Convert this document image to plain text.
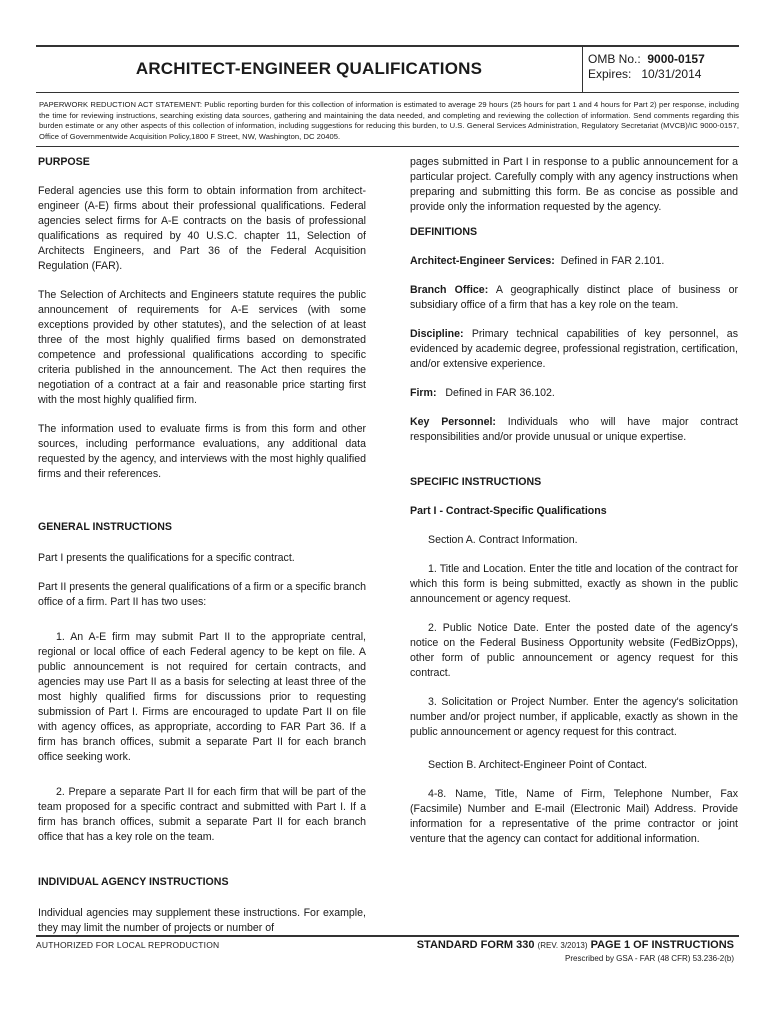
ARCHITECT-ENGINEER QUALIFICATIONS	OMB No.: 9000-0157
Expires: 10/31/2014
PAPERWORK REDUCTION ACT STATEMENT: Public reporting burden for this collection of information is estimated to average 29 hours (25 hours for part 1 and 4 hours for Part 2) per response, including the time for reviewing instructions, searching existing data sources, gathering and maintaining the data needed, and completing and reviewing the collection of information. Send comments regarding this burden estimate or any other aspects of this collection of information, including suggestions for reducing this burden, to U.S. General Services Administration, Regulatory Secretariat (MVCB)/IC 9000-0157, Office of Governmentwide Acquisition Policy,1800 F Street, NW, Washington, DC 20405.

PURPOSE

Federal agencies use this form to obtain information from architect-engineer (A-E) firms about their professional qualifications. Federal agencies select firms for A-E contracts on the basis of professional qualifications as required by 40 U.S.C. chapter 11, Selection of Architects Engineers, and Part 36 of the Federal Acquisition Regulation (FAR).

The Selection of Architects and Engineers statute requires the public announcement of requirements for A-E services (with some exceptions provided by other statutes), and the selection of at least three of the most highly qualified firms based on demonstrated competence and professional qualifications according to specific criteria published in the announcement. The Act then requires the negotiation of a contract at a fair and reasonable price starting first with the most highly qualified firm.

The information used to evaluate firms is from this form and other sources, including performance evaluations, any additional data requested by the agency, and interviews with the most highly qualified firms and their references.

GENERAL INSTRUCTIONS

Part I presents the qualifications for a specific contract.

Part II presents the general qualifications of a firm or a specific branch office of a firm. Part II has two uses:

1. An A-E firm may submit Part II to the appropriate central, regional or local office of each Federal agency to be kept on file. A public announcement is not required for certain contracts, and agencies may use Part II as a basis for selecting at least three of the most highly qualified firms for discussions prior to requesting submission of Part I. Firms are encouraged to update Part II on file with agency offices, as appropriate, according to FAR Part 36. If a firm has branch offices, submit a separate Part II for each branch office seeking work.

2. Prepare a separate Part II for each firm that will be part of the team proposed for a specific contract and submitted with Part I. If a firm has branch offices, submit a separate Part II for each branch office that has a key role on the team.

INDIVIDUAL AGENCY INSTRUCTIONS

Individual agencies may supplement these instructions. For example, they may limit the number of projects or number of

pages submitted in Part I in response to a public announcement for a particular project. Carefully comply with any agency instructions when preparing and submitting this form. Be as concise as possible and provide only the information requested by the agency.

DEFINITIONS

Architect-Engineer Services: Defined in FAR 2.101.

Branch Office: A geographically distinct place of business or subsidiary office of a firm that has a key role on the team.

Discipline: Primary technical capabilities of key personnel, as evidenced by academic degree, professional registration, certification, and/or extensive experience.

Firm: Defined in FAR 36.102.

Key Personnel: Individuals who will have major contract responsibilities and/or provide unusual or unique expertise.

SPECIFIC INSTRUCTIONS

Part I - Contract-Specific Qualifications

Section A. Contract Information.

1. Title and Location. Enter the title and location of the contract for which this form is being submitted, exactly as shown in the public announcement or agency request.

2. Public Notice Date. Enter the posted date of the agency's notice on the Federal Business Opportunity website (FedBizOpps), other form of public announcement or agency request for this contract.

3. Solicitation or Project Number. Enter the agency's solicitation number and/or project number, if applicable, exactly as shown in the public announcement or agency request for this contract.

Section B. Architect-Engineer Point of Contact.

4-8. Name, Title, Name of Firm, Telephone Number, Fax (Facsimile) Number and E-mail (Electronic Mail) Address. Provide information for a representative of the prime contractor or joint venture that the agency can contact for additional information.

AUTHORIZED FOR LOCAL REPRODUCTION	STANDARD FORM 330 (REV. 3/2013) PAGE 1 OF INSTRUCTIONS
Prescribed by GSA - FAR (48 CFR) 53.236-2(b)
